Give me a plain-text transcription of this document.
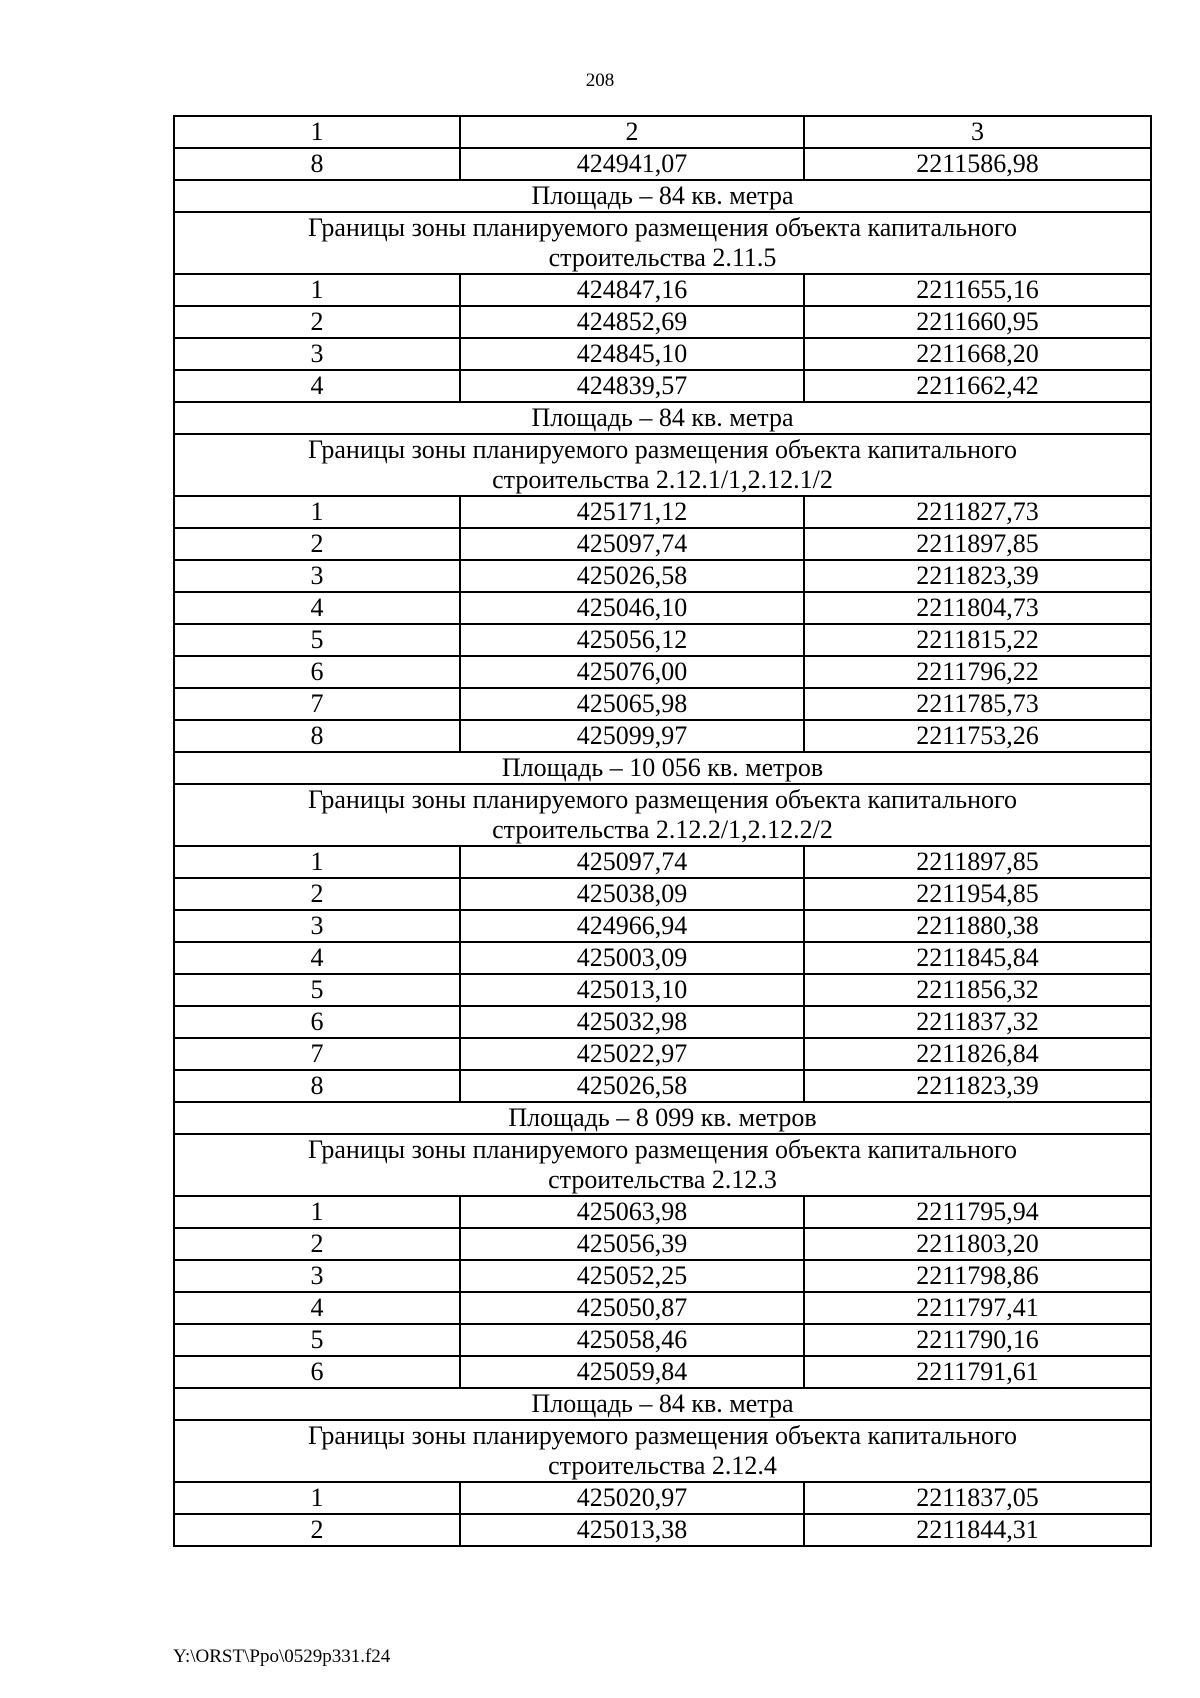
208
1	2	3
8	424941,07	2211586,98
Площадь – 84 кв. метра		

Границы зоны планируемого размещения объекта капитального
строительства 2.11.5		

1	424847,16	2211655,16
2	424852,69	2211660,95
3	424845,10	2211668,20
4	424839,57	2211662,42
Площадь – 84 кв. метра		

Границы зоны планируемого размещения объекта капитального
строительства 2.12.1/1,2.12.1/2		

1	425171,12	2211827,73
2	425097,74	2211897,85
3	425026,58	2211823,39
4	425046,10	2211804,73
5	425056,12	2211815,22
6	425076,00	2211796,22
7	425065,98	2211785,73
8	425099,97	2211753,26
Площадь – 10 056 кв. метров		

Границы зоны планируемого размещения объекта капитального
строительства 2.12.2/1,2.12.2/2		

1	425097,74	2211897,85
2	425038,09	2211954,85
3	424966,94	2211880,38
4	425003,09	2211845,84
5	425013,10	2211856,32
6	425032,98	2211837,32
7	425022,97	2211826,84
8	425026,58	2211823,39
Площадь – 8 099 кв. метров		

Границы зоны планируемого размещения объекта капитального
строительства 2.12.3		

1	425063,98	2211795,94
2	425056,39	2211803,20
3	425052,25	2211798,86
4	425050,87	2211797,41
5	425058,46	2211790,16
6	425059,84	2211791,61
Площадь – 84 кв. метра		

Границы зоны планируемого размещения объекта капитального
строительства 2.12.4		

1	425020,97	2211837,05
2	425013,38	2211844,31
Y:\ORST\Ppo\0529p331.f24
